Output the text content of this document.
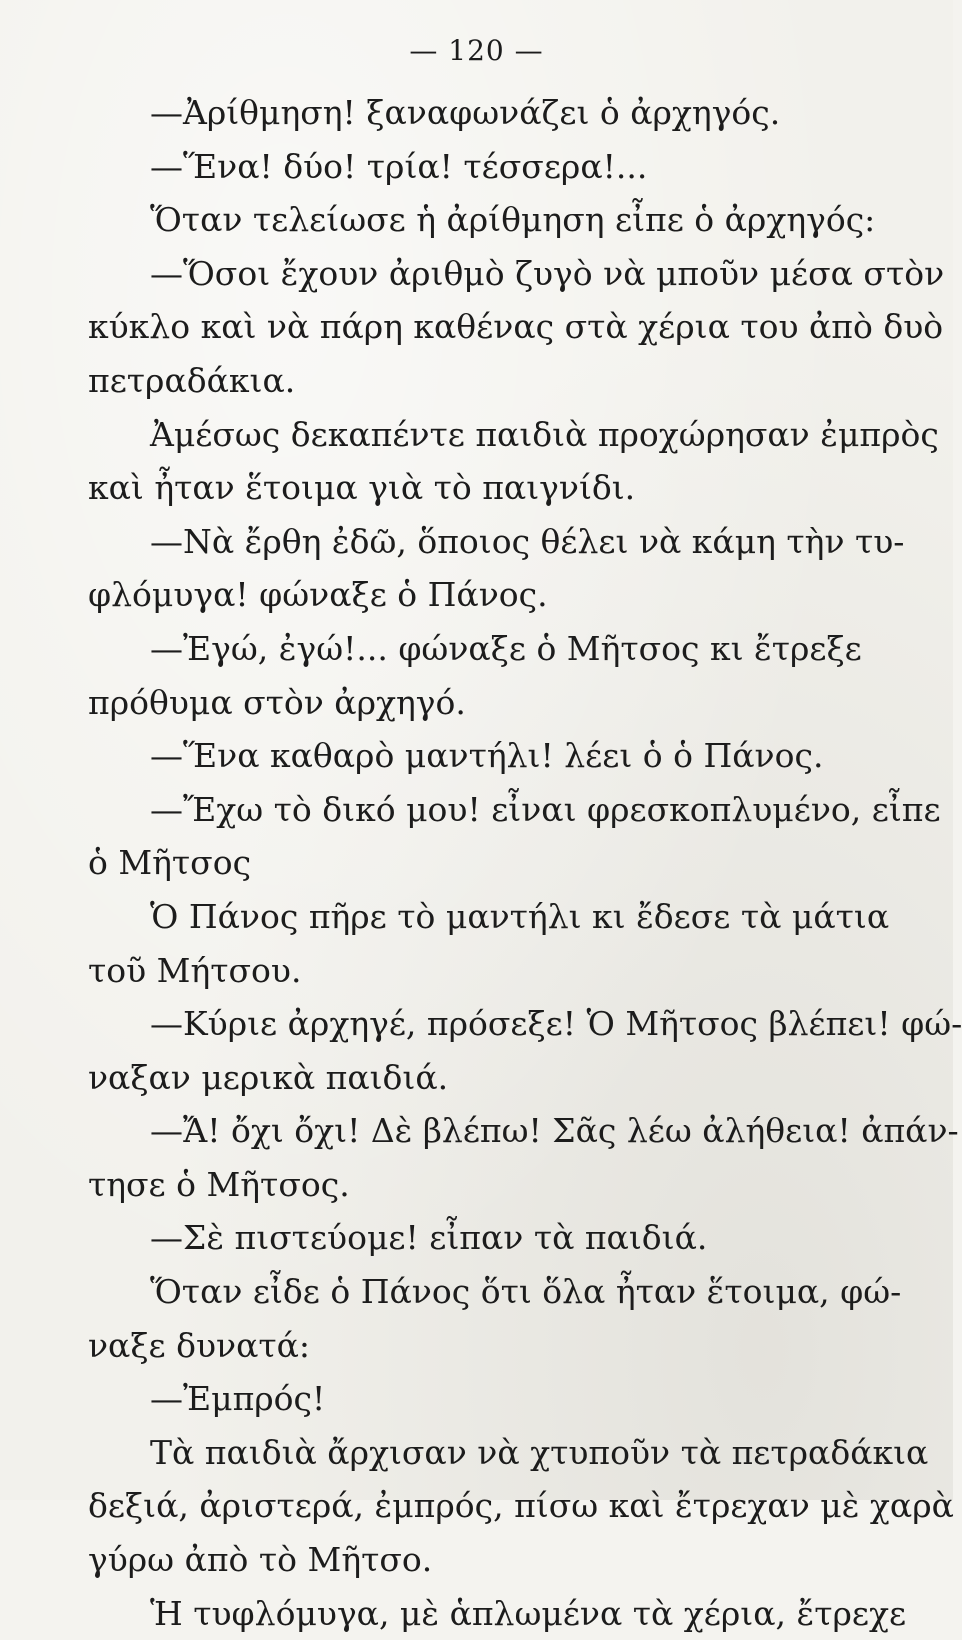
— 120 —
—Ἀρίθμηση! ξαναφωνάζει ὁ ἀρχηγός.
—Ἕνα! δύο! τρία! τέσσερα!...
Ὅταν τελείωσε ἡ ἀρίθμηση εἶπε ὁ ἀρχηγός:
—Ὅσοι ἔχουν ἀριθμὸ ζυγὸ νὰ μποῦν μέσα στὸν
κύκλο καὶ νὰ πάρη καθένας στὰ χέρια του ἀπὸ δυὸ
πετραδάκια.
Ἀμέσως δεκαπέντε παιδιὰ προχώρησαν ἐμπρὸς
καὶ ἦταν ἕτοιμα γιὰ τὸ παιγνίδι.
—Νὰ ἔρθη ἐδῶ, ὅποιος θέλει νὰ κάμη τὴν τυ-
φλόμυγα! φώναξε ὁ Πάνος.
—Ἐγώ, ἐγώ!... φώναξε ὁ Μῆτσος κι ἔτρεξε
πρόθυμα στὸν ἀρχηγό.
—Ἕνα καθαρὸ μαντήλι! λέει ὁ ὁ Πάνος.
—Ἔχω τὸ δικό μου! εἶναι φρεσκοπλυμένο, εἶπε
ὁ Μῆτσος
Ὁ Πάνος πῆρε τὸ μαντήλι κι ἔδεσε τὰ μάτια
τοῦ Μήτσου.
—Κύριε ἀρχηγέ, πρόσεξε! Ὁ Μῆτσος βλέπει! φώ-
ναξαν μερικὰ παιδιά.
—Ἄ! ὄχι ὄχι! Δὲ βλέπω! Σᾶς λέω ἀλήθεια! ἀπάν-
τησε ὁ Μῆτσος.
—Σὲ πιστεύομε! εἶπαν τὰ παιδιά.
Ὅταν εἶδε ὁ Πάνος ὅτι ὅλα ἦταν ἕτοιμα, φώ-
ναξε δυνατά:
—Ἐμπρός!
Τὰ παιδιὰ ἄρχισαν νὰ χτυποῦν τὰ πετραδάκια
δεξιά, ἀριστερά, ἐμπρός, πίσω καὶ ἔτρεχαν μὲ χαρὰ
γύρω ἀπὸ τὸ Μῆτσο.
Ἡ τυφλόμυγα, μὲ ἁπλωμένα τὰ χέρια, ἔτρεχε
